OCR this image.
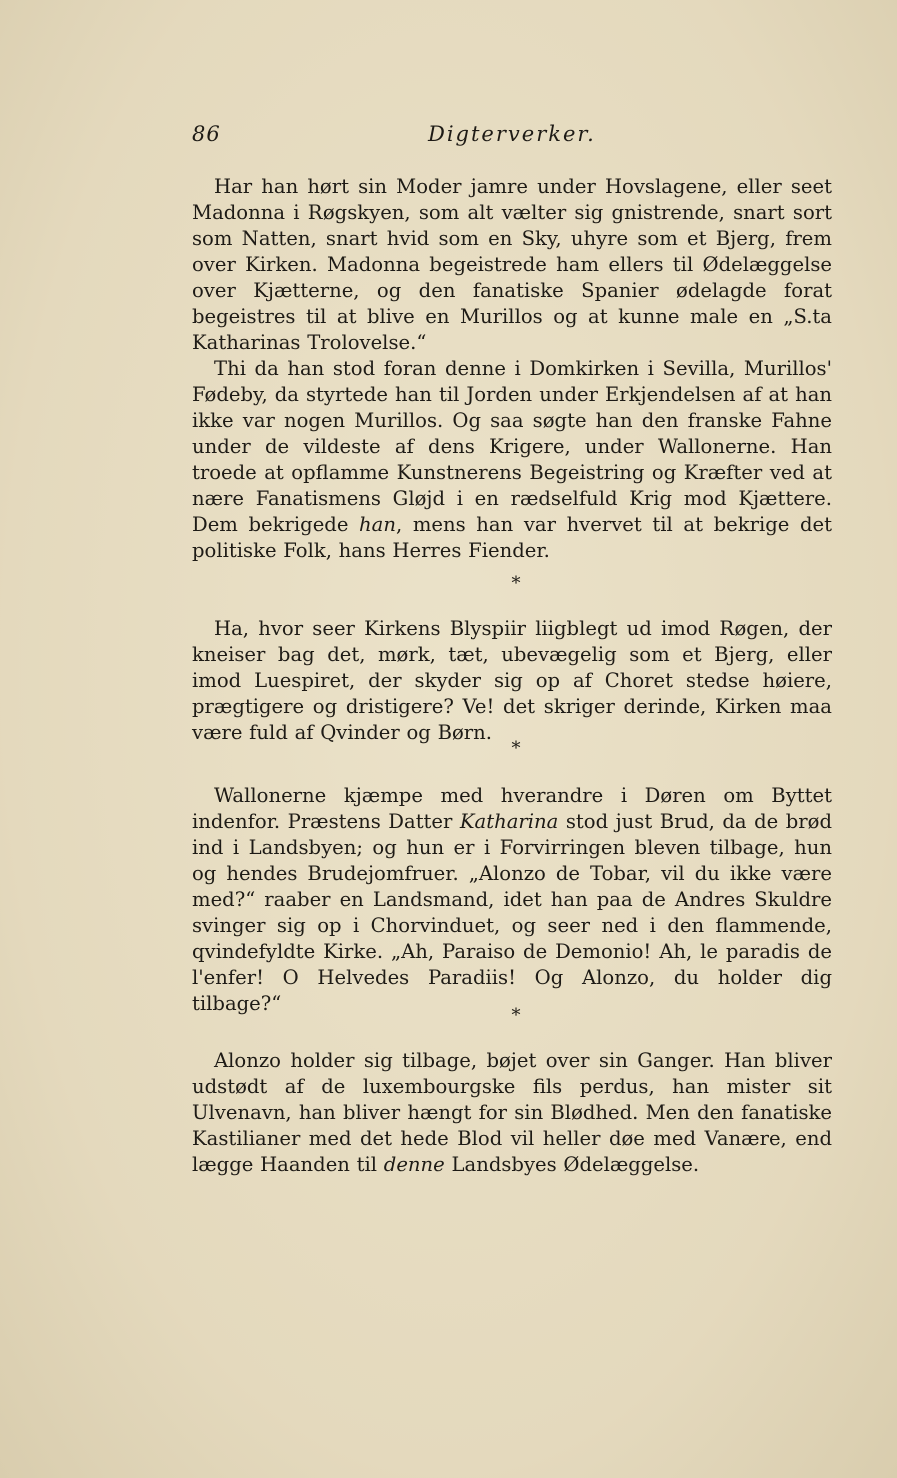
86	Digterverker.

Har han hørt sin Moder jamre under Hovslagene, eller seet Madonna i Røgskyen, som alt vælter sig gnistrende, snart sort som Natten, snart hvid som en Sky, uhyre som et Bjerg, frem over Kirken. Madonna begeistrede ham ellers til Ødelæggelse over Kjætterne, og den fanatiske Spanier ødelagde forat begeistres til at blive en Murillos og at kunne male en „S.ta Katharinas Trolovelse.“

Thi da han stod foran denne i Domkirken i Sevilla, Murillos' Fødeby, da styrtede han til Jorden under Erkjendelsen af at han ikke var nogen Murillos. Og saa søgte han den franske Fahne under de vildeste af dens Krigere, under Wallonerne. Han troede at opflamme Kunstnerens Begeistring og Kræfter ved at nære Fanatismens Gløjd i en rædselfuld Krig mod Kjættere. Dem bekrigede han, mens han var hvervet til at bekrige det politiske Folk, hans Herres Fiender.

*

Ha, hvor seer Kirkens Blyspiir liigblegt ud imod Røgen, der kneiser bag det, mørk, tæt, ubevægelig som et Bjerg, eller imod Luespiret, der skyder sig op af Choret stedse høiere, prægtigere og dristigere? Ve! det skriger derinde, Kirken maa være fuld af Qvinder og Børn.

*

Wallonerne kjæmpe med hverandre i Døren om Byttet indenfor. Præstens Datter Katharina stod just Brud, da de brød ind i Landsbyen; og hun er i Forvirringen bleven tilbage, hun og hendes Brudejomfruer. „Alonzo de Tobar, vil du ikke være med?“ raaber en Landsmand, idet han paa de Andres Skuldre svinger sig op i Chorvinduet, og seer ned i den flammende, qvindefyldte Kirke. „Ah, Paraiso de Demonio! Ah, le paradis de l'enfer! O Helvedes Paradiis! Og Alonzo, du holder dig tilbage?“

*

Alonzo holder sig tilbage, bøjet over sin Ganger. Han bliver udstødt af de luxembourgske fils perdus, han mister sit Ulvenavn, han bliver hængt for sin Blødhed. Men den fanatiske Kastilianer med det hede Blod vil heller døe med Vanære, end lægge Haanden til denne Landsbyes Ødelæggelse.
